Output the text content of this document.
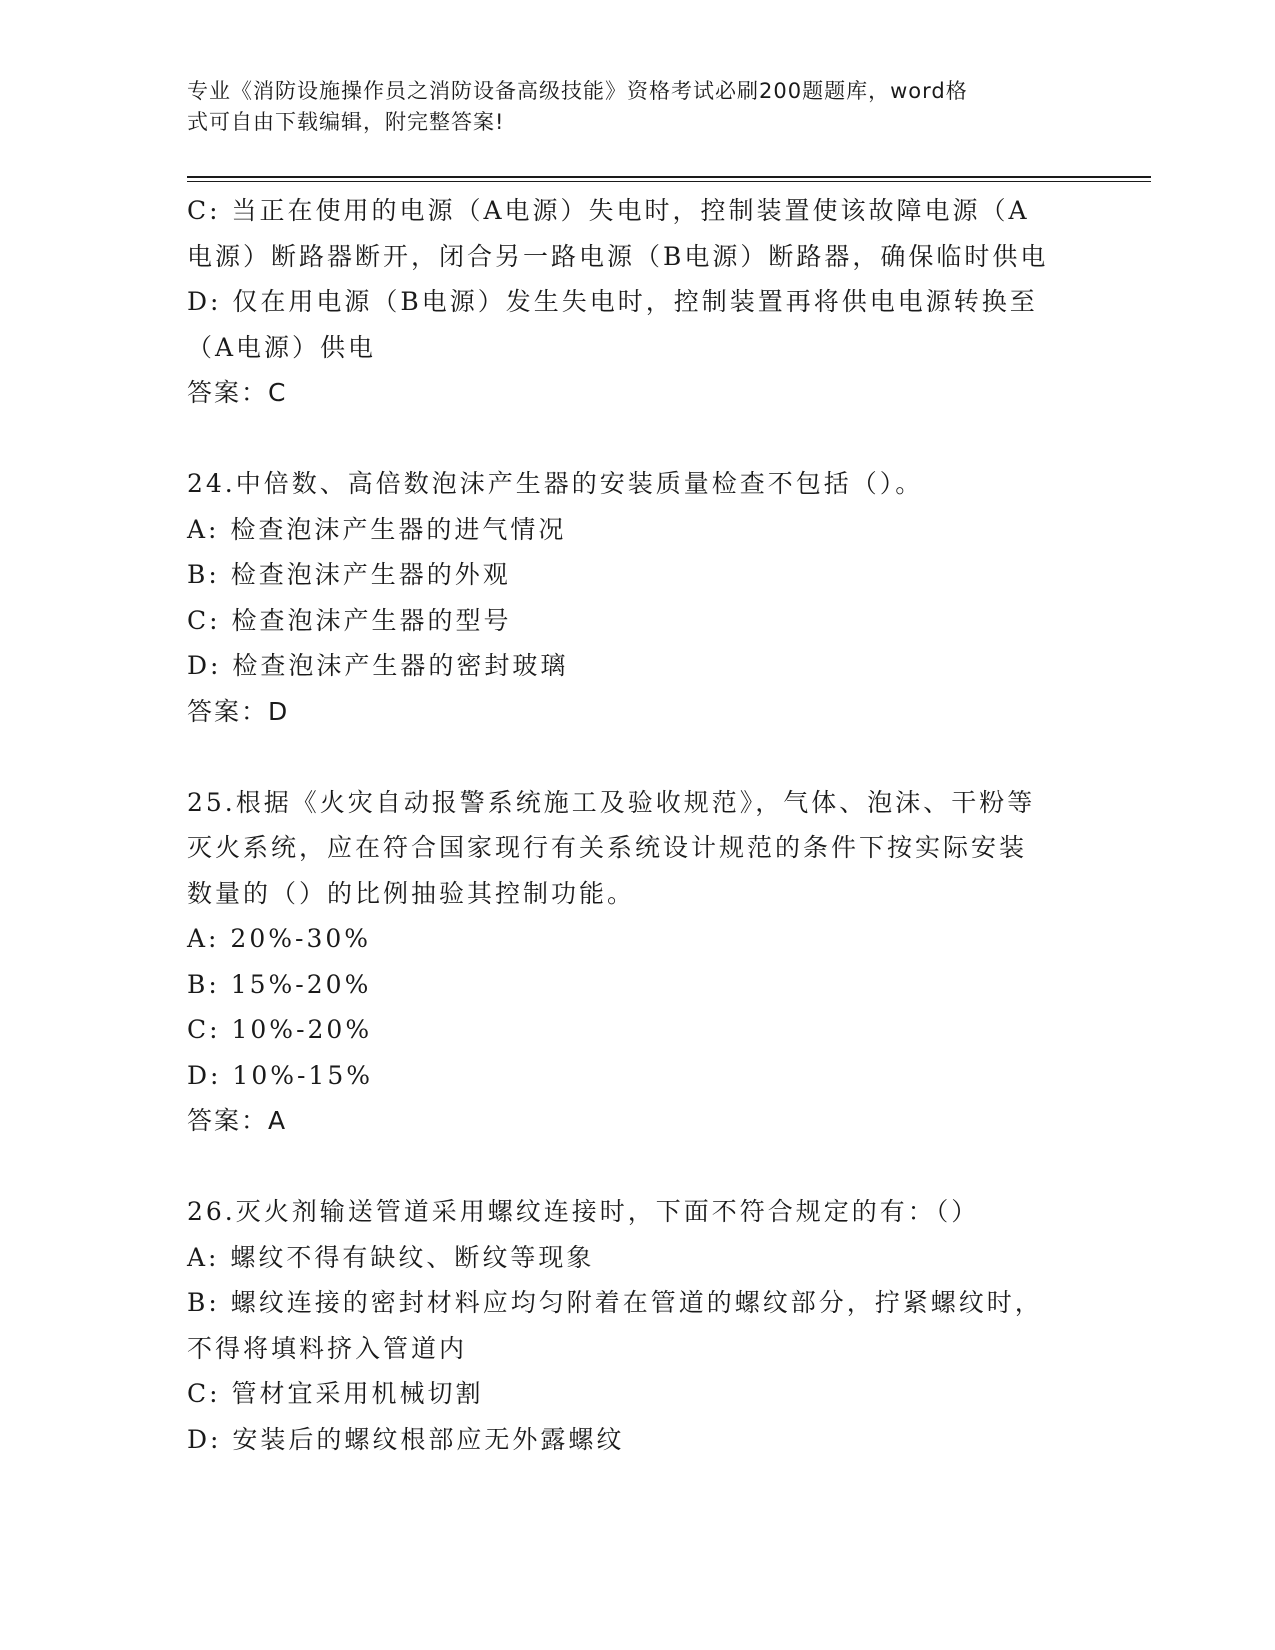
专业《消防设施操作员之消防设备高级技能》资格考试必刷200题题库，word格
式可自由下载编辑，附完整答案!
C: 当正在使用的电源（A电源）失电时，控制装置使该故障电源（A
电源）断路器断开，闭合另一路电源（B电源）断路器，确保临时供电
D: 仅在用电源（B电源）发生失电时，控制装置再将供电电源转换至
（A电源）供电
答案：C
24.中倍数、高倍数泡沫产生器的安装质量检查不包括（）。
A: 检查泡沫产生器的进气情况
B: 检查泡沫产生器的外观
C: 检查泡沫产生器的型号
D: 检查泡沫产生器的密封玻璃
答案：D
25.根据《火灾自动报警系统施工及验收规范》，气体、泡沫、干粉等
灭火系统，应在符合国家现行有关系统设计规范的条件下按实际安装
数量的（）的比例抽验其控制功能。
A: 20%-30%
B: 15%-20%
C: 10%-20%
D: 10%-15%
答案：A
26.灭火剂输送管道采用螺纹连接时，下面不符合规定的有：（）
A: 螺纹不得有缺纹、断纹等现象
B: 螺纹连接的密封材料应均匀附着在管道的螺纹部分，拧紧螺纹时，
不得将填料挤入管道内
C: 管材宜采用机械切割
D: 安装后的螺纹根部应无外露螺纹
